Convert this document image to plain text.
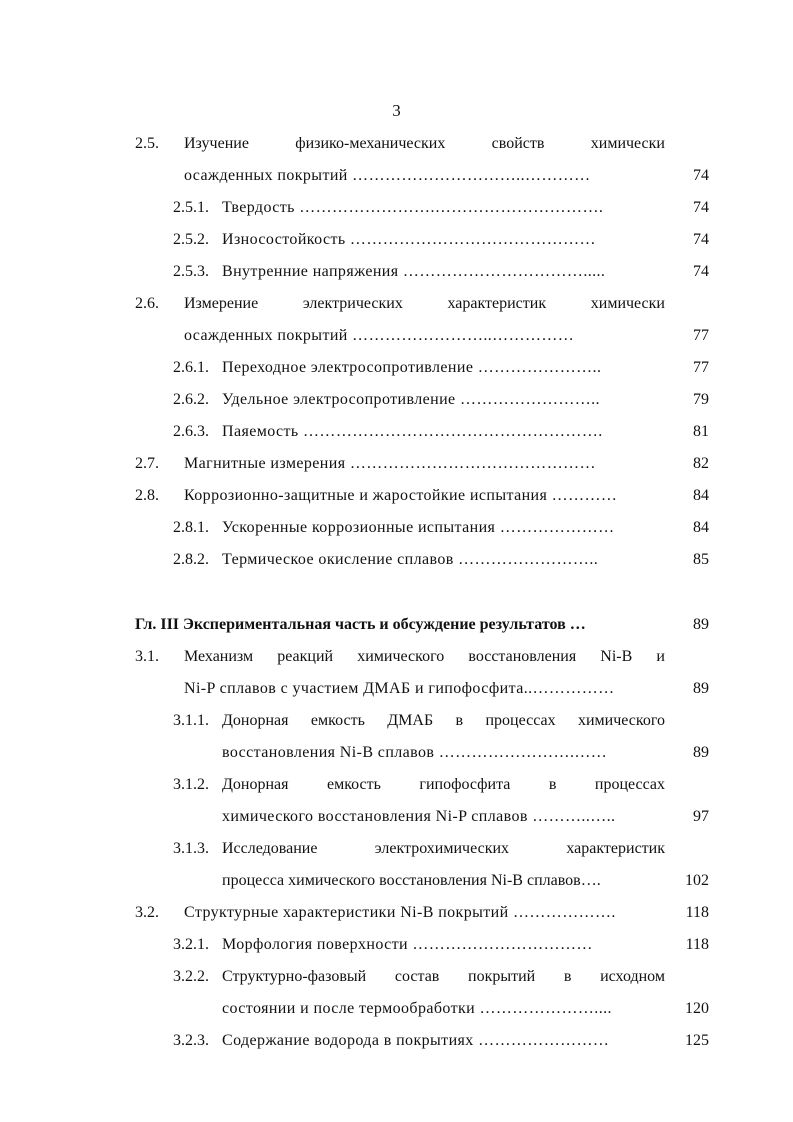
3
2.5. Изучение физико-механических свойств химически
осажденных покрытий …………………………..…………	74
2.5.1. Твердость …………………….………………………….	74
2.5.2. Износостойкость ………………………………………	74
2.5.3. Внутренние напряжения …………………………….....	74
2.6. Измерение электрических характеристик химически
осажденных покрытий ……………………..……………	77
2.6.1. Переходное электросопротивление …………………..	77
2.6.2. Удельное электросопротивление ……………………..	79
2.6.3. Паяемость ……………………………………………….	81
2.7. Магнитные измерения ………………………………………	82
2.8. Коррозионно-защитные и жаростойкие испытания …………	84
2.8.1. Ускоренные коррозионные испытания …………………	84
2.8.2. Термическое окисление сплавов ……………………..	85
Гл. III Экспериментальная часть и обсуждение результатов …	89
3.1. Механизм реакций химического восстановления Ni-B и
Ni-P сплавов с участием ДМАБ и гипофосфита..……………	89
3.1.1. Донорная емкость ДМАБ в процессах химического
восстановления Ni-B сплавов …………………….……	89
3.1.2. Донорная емкость гипофосфита в процессах
химического восстановления Ni-P сплавов ………..…..	97
3.1.3. Исследование электрохимических характеристик
процесса химического восстановления Ni-B сплавов….	102
3.2. Структурные характеристики Ni-B покрытий ……………….	118
3.2.1. Морфология поверхности ……………………………	118
3.2.2. Структурно-фазовый состав покрытий в исходном
состоянии и после термообработки …………………....	120
3.2.3. Содержание водорода в покрытиях ……………………	125
